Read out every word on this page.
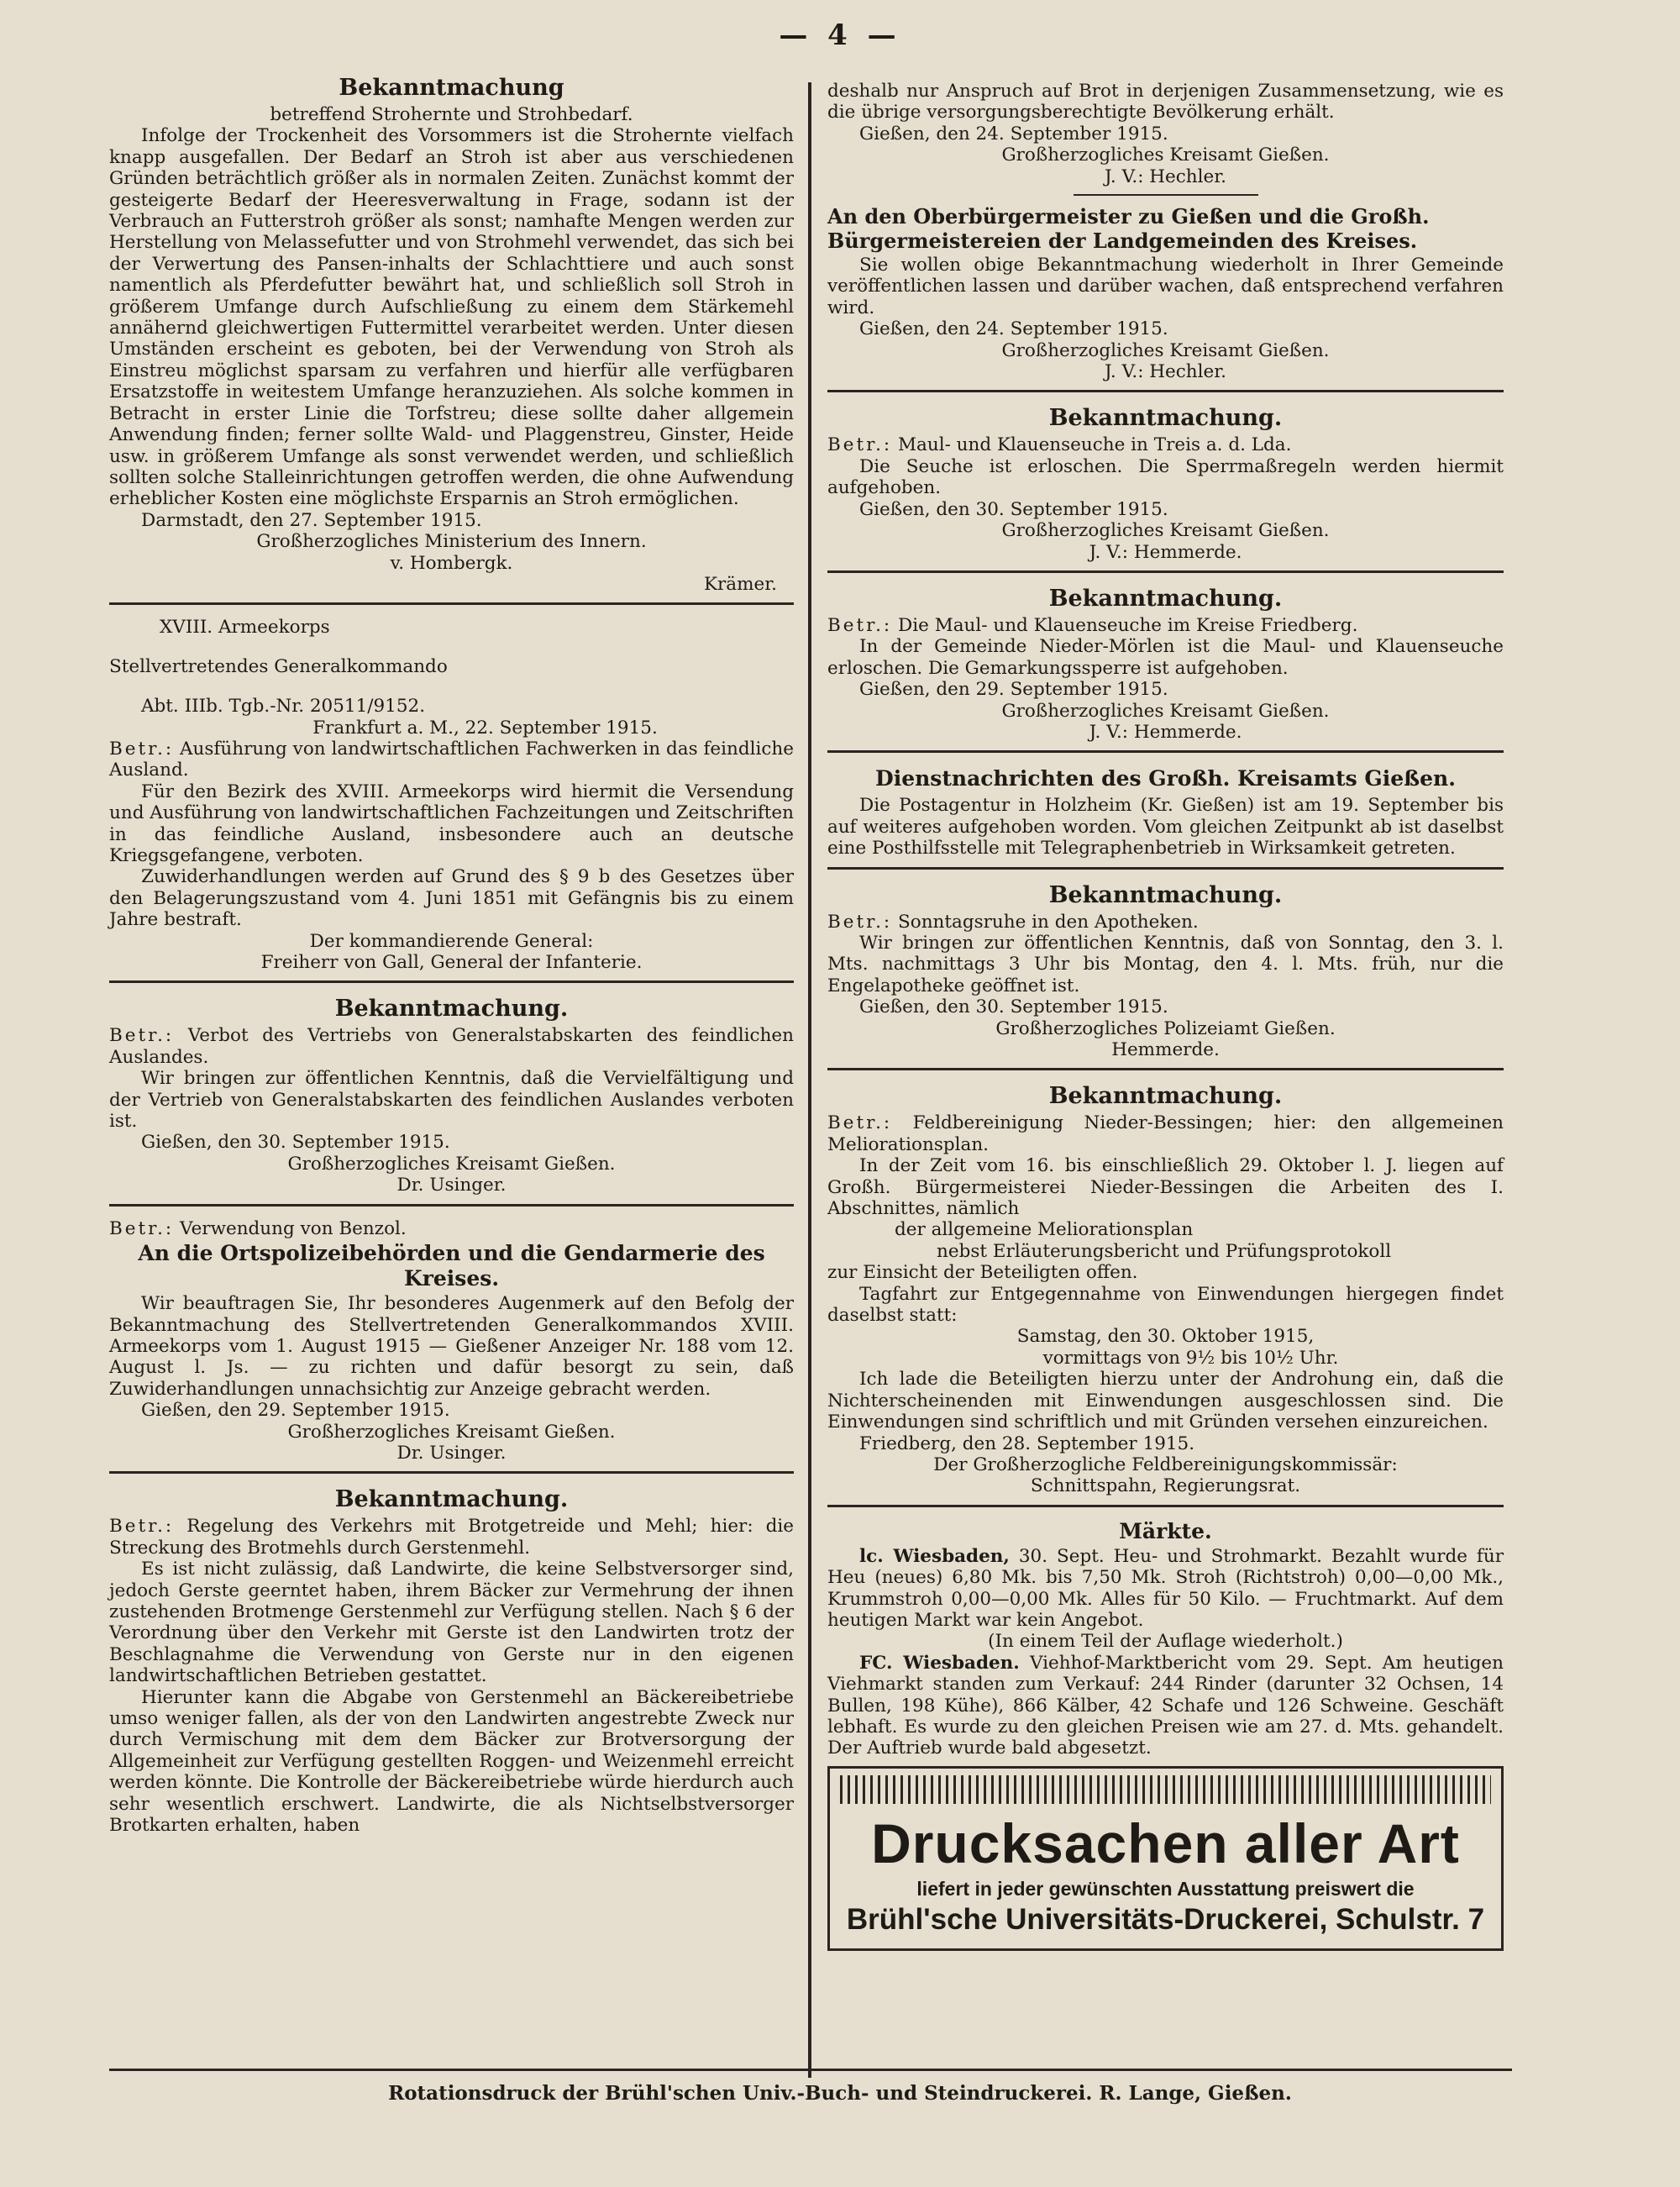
— 4 —
Bekanntmachung

betreffend Strohernte und Strohbedarf.

Infolge der Trockenheit des Vorsommers ist die Strohernte vielfach knapp ausgefallen. Der Bedarf an Stroh ist aber aus verschiedenen Gründen beträchtlich größer als in normalen Zeiten. Zunächst kommt der gesteigerte Bedarf der Heeresverwaltung in Frage, sodann ist der Verbrauch an Futterstroh größer als sonst; namhafte Mengen werden zur Herstellung von Melassefutter und von Strohmehl verwendet, das sich bei der Verwertung des Pansen-inhalts der Schlachttiere und auch sonst namentlich als Pferdefutter bewährt hat, und schließlich soll Stroh in größerem Umfange durch Aufschließung zu einem dem Stärkemehl annähernd gleichwertigen Futtermittel verarbeitet werden. Unter diesen Umständen erscheint es geboten, bei der Verwendung von Stroh als Einstreu möglichst sparsam zu verfahren und hierfür alle verfügbaren Ersatzstoffe in weitestem Umfange heranzuziehen. Als solche kommen in Betracht in erster Linie die Torfstreu; diese sollte daher allgemein Anwendung finden; ferner sollte Wald- und Plaggenstreu, Ginster, Heide usw. in größerem Umfange als sonst verwendet werden, und schließlich sollten solche Stalleinrichtungen getroffen werden, die ohne Aufwendung erheblicher Kosten eine möglichste Ersparnis an Stroh ermöglichen.

Darmstadt, den 27. September 1915.

Großherzogliches Ministerium des Innern.

v. Hombergk.

Krämer.

XVIII. Armeekorps

Stellvertretendes Generalkommando

Abt. IIIb. Tgb.-Nr. 20511/9152.

Frankfurt a. M., 22. September 1915.

Betr.: Ausführung von landwirtschaftlichen Fachwerken in das feindliche Ausland.

Für den Bezirk des XVIII. Armeekorps wird hiermit die Versendung und Ausführung von landwirtschaftlichen Fachzeitungen und Zeitschriften in das feindliche Ausland, insbesondere auch an deutsche Kriegsgefangene, verboten.

Zuwiderhandlungen werden auf Grund des § 9 b des Gesetzes über den Belagerungszustand vom 4. Juni 1851 mit Gefängnis bis zu einem Jahre bestraft.

Der kommandierende General:

Freiherr von Gall, General der Infanterie.

Bekanntmachung.

Betr.: Verbot des Vertriebs von Generalstabskarten des feindlichen Auslandes.

Wir bringen zur öffentlichen Kenntnis, daß die Vervielfältigung und der Vertrieb von Generalstabskarten des feindlichen Auslandes verboten ist.

Gießen, den 30. September 1915.

Großherzogliches Kreisamt Gießen.

Dr. Usinger.

Betr.: Verwendung von Benzol.

An die Ortspolizeibehörden und die Gendarmerie des Kreises.

Wir beauftragen Sie, Ihr besonderes Augenmerk auf den Befolg der Bekanntmachung des Stellvertretenden Generalkommandos XVIII. Armeekorps vom 1. August 1915 — Gießener Anzeiger Nr. 188 vom 12. August l. Js. — zu richten und dafür besorgt zu sein, daß Zuwiderhandlungen unnachsichtig zur Anzeige gebracht werden.

Gießen, den 29. September 1915.

Großherzogliches Kreisamt Gießen.

Dr. Usinger.

Bekanntmachung.

Betr.: Regelung des Verkehrs mit Brotgetreide und Mehl; hier: die Streckung des Brotmehls durch Gerstenmehl.

Es ist nicht zulässig, daß Landwirte, die keine Selbstversorger sind, jedoch Gerste geerntet haben, ihrem Bäcker zur Vermehrung der ihnen zustehenden Brotmenge Gerstenmehl zur Verfügung stellen. Nach § 6 der Verordnung über den Verkehr mit Gerste ist den Landwirten trotz der Beschlagnahme die Verwendung von Gerste nur in den eigenen landwirtschaftlichen Betrieben gestattet.

Hierunter kann die Abgabe von Gerstenmehl an Bäckereibetriebe umso weniger fallen, als der von den Landwirten angestrebte Zweck nur durch Vermischung mit dem dem Bäcker zur Brotversorgung der Allgemeinheit zur Verfügung gestellten Roggen- und Weizenmehl erreicht werden könnte. Die Kontrolle der Bäckereibetriebe würde hierdurch auch sehr wesentlich erschwert. Landwirte, die als Nichtselbstversorger Brotkarten erhalten, haben

deshalb nur Anspruch auf Brot in derjenigen Zusammensetzung, wie es die übrige versorgungsberechtigte Bevölkerung erhält.

Gießen, den 24. September 1915.

Großherzogliches Kreisamt Gießen.

J. V.: Hechler.

An den Oberbürgermeister zu Gießen und die Großh. Bürgermeistereien der Landgemeinden des Kreises.

Sie wollen obige Bekanntmachung wiederholt in Ihrer Gemeinde veröffentlichen lassen und darüber wachen, daß entsprechend verfahren wird.

Gießen, den 24. September 1915.

Großherzogliches Kreisamt Gießen.

J. V.: Hechler.

Bekanntmachung.

Betr.: Maul- und Klauenseuche in Treis a. d. Lda.

Die Seuche ist erloschen. Die Sperrmaßregeln werden hiermit aufgehoben.

Gießen, den 30. September 1915.

Großherzogliches Kreisamt Gießen.

J. V.: Hemmerde.

Bekanntmachung.

Betr.: Die Maul- und Klauenseuche im Kreise Friedberg.

In der Gemeinde Nieder-Mörlen ist die Maul- und Klauenseuche erloschen. Die Gemarkungssperre ist aufgehoben.

Gießen, den 29. September 1915.

Großherzogliches Kreisamt Gießen.

J. V.: Hemmerde.

Dienstnachrichten des Großh. Kreisamts Gießen.

Die Postagentur in Holzheim (Kr. Gießen) ist am 19. September bis auf weiteres aufgehoben worden. Vom gleichen Zeitpunkt ab ist daselbst eine Posthilfsstelle mit Telegraphenbetrieb in Wirksamkeit getreten.

Bekanntmachung.

Betr.: Sonntagsruhe in den Apotheken.

Wir bringen zur öffentlichen Kenntnis, daß von Sonntag, den 3. l. Mts. nachmittags 3 Uhr bis Montag, den 4. l. Mts. früh, nur die Engelapotheke geöffnet ist.

Gießen, den 30. September 1915.

Großherzogliches Polizeiamt Gießen.

Hemmerde.

Bekanntmachung.

Betr.: Feldbereinigung Nieder-Bessingen; hier: den allgemeinen Meliorationsplan.

In der Zeit vom 16. bis einschließlich 29. Oktober l. J. liegen auf Großh. Bürgermeisterei Nieder-Bessingen die Arbeiten des I. Abschnittes, nämlich

der allgemeine Meliorationsplan

nebst Erläuterungsbericht und Prüfungsprotokoll

zur Einsicht der Beteiligten offen.

Tagfahrt zur Entgegennahme von Einwendungen hiergegen findet daselbst statt:

Samstag, den 30. Oktober 1915,

vormittags von 9½ bis 10½ Uhr.

Ich lade die Beteiligten hierzu unter der Androhung ein, daß die Nichterscheinenden mit Einwendungen ausgeschlossen sind. Die Einwendungen sind schriftlich und mit Gründen versehen einzureichen.

Friedberg, den 28. September 1915.

Der Großherzogliche Feldbereinigungskommissär:

Schnittspahn, Regierungsrat.

Märkte.

lc. Wiesbaden, 30. Sept. Heu- und Strohmarkt. Bezahlt wurde für Heu (neues) 6,80 Mk. bis 7,50 Mk. Stroh (Richtstroh) 0,00—0,00 Mk., Krummstroh 0,00—0,00 Mk. Alles für 50 Kilo. — Fruchtmarkt. Auf dem heutigen Markt war kein Angebot.

(In einem Teil der Auflage wiederholt.)

FC. Wiesbaden. Viehhof-Marktbericht vom 29. Sept. Am heutigen Viehmarkt standen zum Verkauf: 244 Rinder (darunter 32 Ochsen, 14 Bullen, 198 Kühe), 866 Kälber, 42 Schafe und 126 Schweine. Geschäft lebhaft. Es wurde zu den gleichen Preisen wie am 27. d. Mts. gehandelt. Der Auftrieb wurde bald abgesetzt.

Drucksachen aller Art
liefert in jeder gewünschten Ausstattung preiswert die
Brühl'sche Universitäts-Druckerei, Schulstr. 7
Rotationsdruck der Brühl'schen Univ.-Buch- und Steindruckerei. R. Lange, Gießen.
